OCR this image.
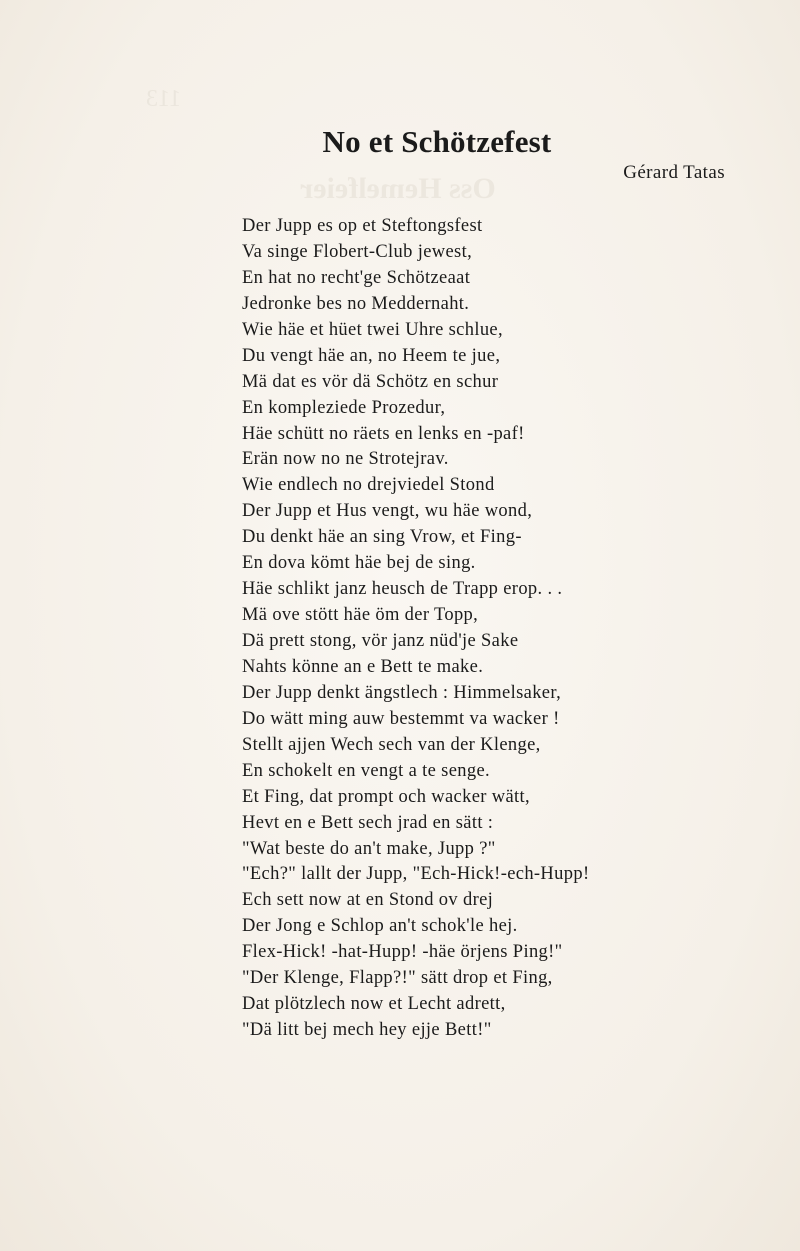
113
Oss Hemelfeier
No et Schötzefest

Gérard Tatas

Der Jupp es op et Steftongsfest
Va singe Flobert-Club jewest,
En hat no recht'ge Schötzeaat
Jedronke bes no Meddernaht.
Wie häe et hüet twei Uhre schlue,
Du vengt häe an, no Heem te jue,
Mä dat es vör dä Schötz en schur
En kompleziede Prozedur,
Häe schütt no räets en lenks en -paf!
Erän now no ne Strotejrav.
Wie endlech no drejviedel Stond
Der Jupp et Hus vengt, wu häe wond,
Du denkt häe an sing Vrow, et Fing-
En dova kömt häe bej de sing.
Häe schlikt janz heusch de Trapp erop. . .
Mä ove stött häe öm der Topp,
Dä prett stong, vör janz nüd'je Sake
Nahts könne an e Bett te make.
Der Jupp denkt ängstlech : Himmelsaker,
Do wätt ming auw bestemmt va wacker !
Stellt ajjen Wech sech van der Klenge,
En schokelt en vengt a te senge.
Et Fing, dat prompt och wacker wätt,
Hevt en e Bett sech jrad en sätt :
"Wat beste do an't make, Jupp ?"
"Ech?" lallt der Jupp, "Ech-Hick!-ech-Hupp!
Ech sett now at en Stond ov drej
Der Jong e Schlop an't schok'le hej.
Flex-Hick! -hat-Hupp! -häe örjens Ping!"
"Der Klenge, Flapp?!" sätt drop et Fing,
Dat plötzlech now et Lecht adrett,
"Dä litt bej mech hey ejje Bett!"
